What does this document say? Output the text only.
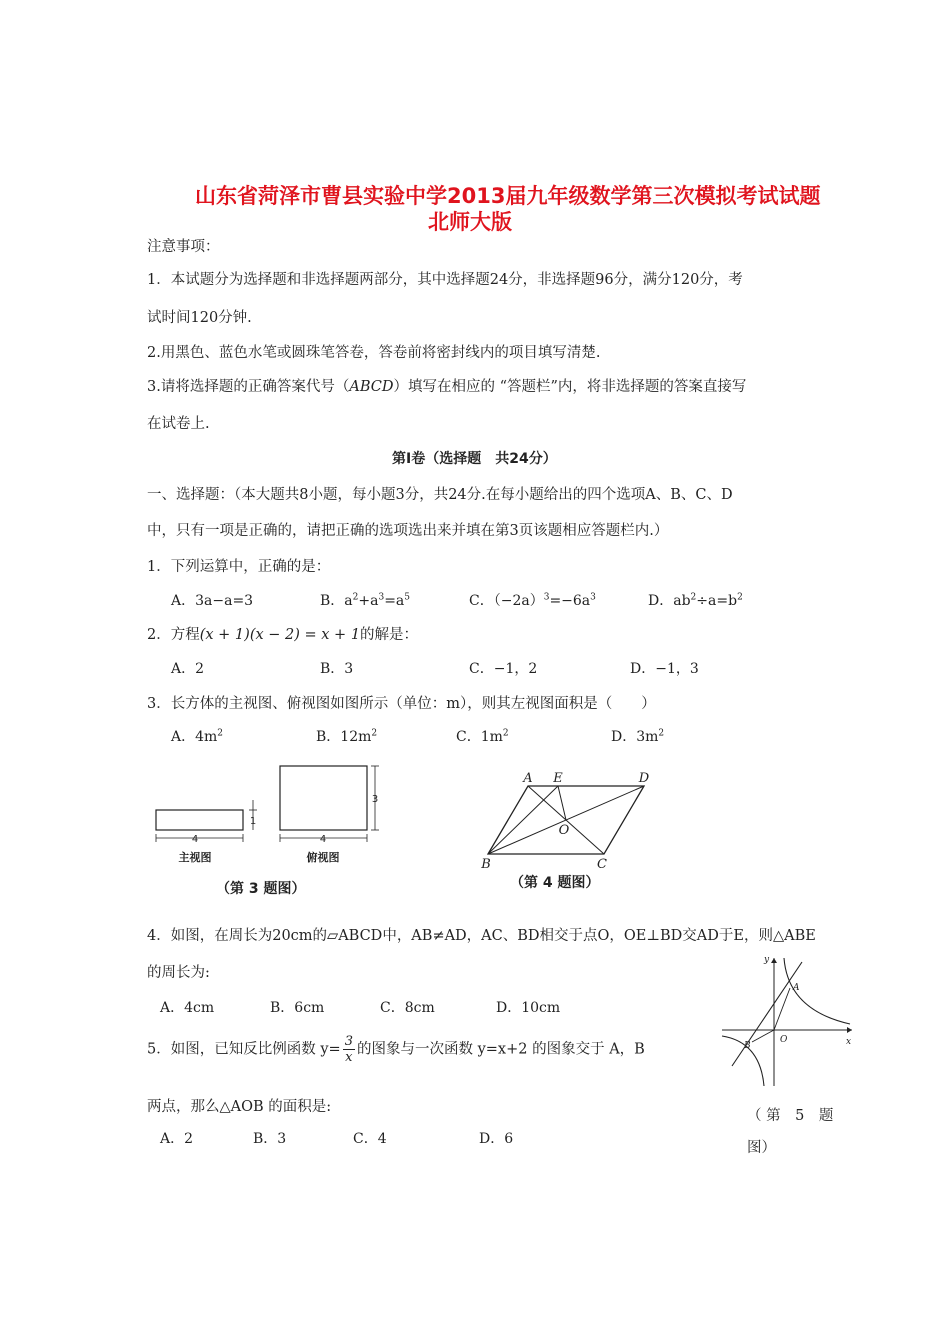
山东省菏泽市曹县实验中学2013届九年级数学第三次模拟考试试题
北师大版
注意事项：
1．本试题分为选择题和非选择题两部分，其中选择题24分，非选择题96分，满分120分，考
试时间120分钟.
2.用黑色、蓝色水笔或圆珠笔答卷，答卷前将密封线内的项目填写清楚.
3.请将选择题的正确答案代号（ABCD）填写在相应的 “答题栏”内，将非选择题的答案直接写
在试卷上.
第Ⅰ卷（选择题　共24分）
一、选择题：（本大题共8小题，每小题3分，共24分.在每小题给出的四个选项A、B、C、D
中，只有一项是正确的，请把正确的选项选出来并填在第3页该题相应答题栏内.）
1．下列运算中，正确的是：
A．3a−a=3	B．$a^2+a^3=a^5$	C．$(-2a)^3=-6a^3$	D．$ab^2\div a=b^2$
2．方程(x + 1)(x − 2) = x + 1的解是：
A．2	B．3	C．−1，2	D．−1，3
3．长方体的主视图、俯视图如图所示（单位：m），则其左视图面积是（　　）
A．$4m^2$	B．$12m^2$	C．$1m^2$	D．$3m^2$
4
1
主视图
4
3
俯视图
（第 3 题图）
A E	D
O
B	C
（第 4 题图）
4．如图，在周长为20cm的▱ABCD中，AB≠AD，AC、BD相交于点O，OE⊥BD交AD于E，则△ABE
的周长为:
A．4cm	B．6cm	C．8cm	D．10cm
5．如图，已知反比例函数 $y= \frac{3}{x}$ 的图象与一次函数 y=x+2 的图象交于 A，B
两点，那么△AOB 的面积是:
A．2	B．3	C．4	D．6
x
y
A
B
O
（ 第　5　题
图）
